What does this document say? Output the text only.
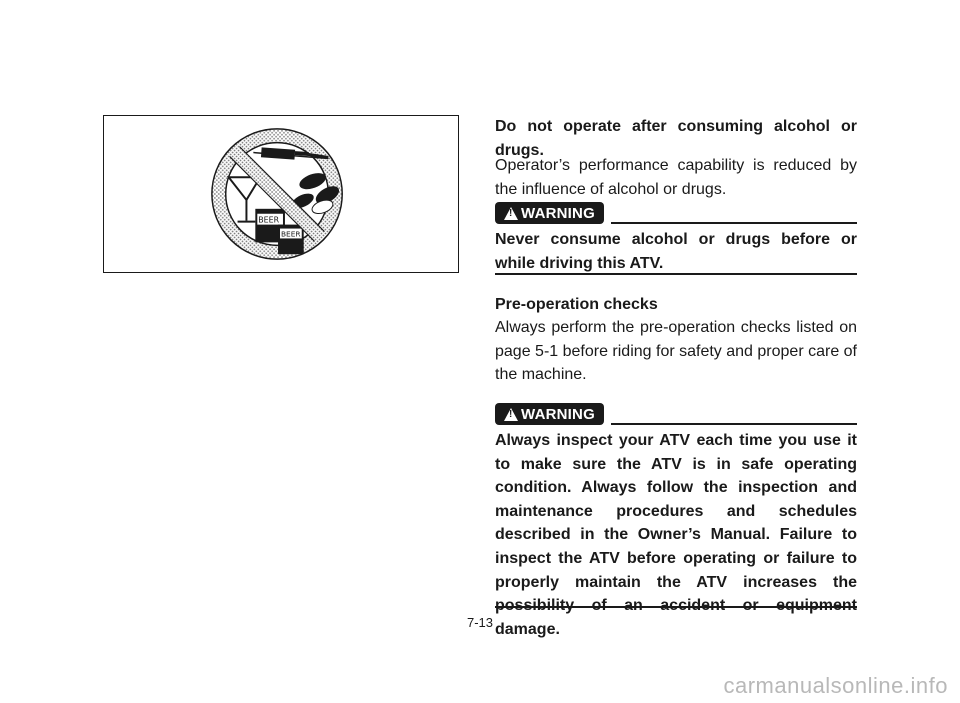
BEER
BEER

Do not operate after consuming alcohol or drugs.

Operator’s performance capability is reduced by the influence of alcohol or drugs.

! WARNING

Never consume alcohol or drugs before or while driving this ATV.

Pre-operation checks

Always perform the pre-operation checks listed on page 5-1 before riding for safety and proper care of the machine.

! WARNING

Always inspect your ATV each time you use it to make sure the ATV is in safe operating condition. Always follow the inspection and maintenance procedures and schedules described in the Owner’s Manual. Failure to inspect the ATV before operating or failure to properly maintain the ATV increases the possibility of an accident or equipment damage.

7-13
carmanualsonline.info
